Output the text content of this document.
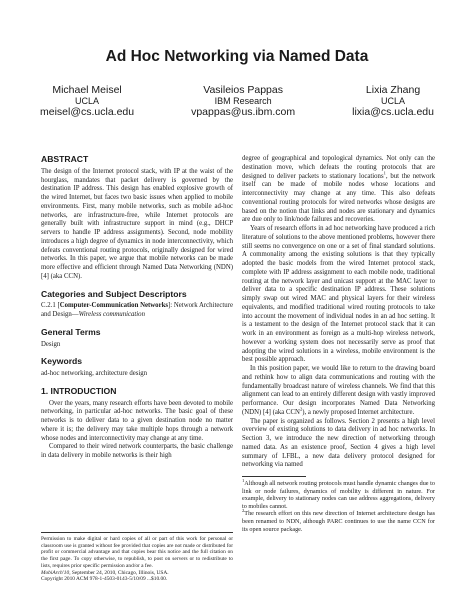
Ad Hoc Networking via Named Data
Michael Meisel
UCLA
meisel@cs.ucla.edu
Vasileios Pappas
IBM Research
vpappas@us.ibm.com
Lixia Zhang
UCLA
lixia@cs.ucla.edu
ABSTRACT

The design of the Internet protocol stack, with IP at the waist of the hourglass, mandates that packet delivery is governed by the destination IP address. This design has enabled explosive growth of the wired Internet, but faces two basic issues when applied to mobile environments. First, many mobile networks, such as mobile ad-hoc networks, are infrastructure-free, while Internet protocols are generally built with infrastructure support in mind (e.g., DHCP servers to handle IP address assignments). Second, node mobility introduces a high degree of dynamics in node interconnectivity, which defeats conventional routing protocols, originally designed for wired networks. In this paper, we argue that mobile networks can be made more effective and efficient through Named Data Networking (NDN) [4] (aka CCN).

Categories and Subject Descriptors

C.2.1 [Computer-Communication Networks]: Network Architecture and Design—Wireless communication

General Terms

Design

Keywords

ad-hoc networking, architecture design

1. INTRODUCTION

Over the years, many research efforts have been devoted to mobile networking, in particular ad-hoc networks. The basic goal of these networks is to deliver data to a given destination node no matter where it is; the delivery may take multiple hops through a network whose nodes and interconnectivity may change at any time.

Compared to their wired network counterparts, the basic challenge in data delivery in mobile networks is their high

Permission to make digital or hard copies of all or part of this work for personal or classroom use is granted without fee provided that copies are not made or distributed for profit or commercial advantage and that copies bear this notice and the full citation on the first page. To copy otherwise, to republish, to post on servers or to redistribute to lists, requires prior specific permission and/or a fee.

MobiArch'10, September 24, 2010, Chicago, Illinois, USA.

Copyright 2010 ACM 978-1-4503-0143-5/10/09 ...$10.00.

degree of geographical and topological dynamics. Not only can the destination move, which defeats the routing protocols that are designed to deliver packets to stationary locations$^1$, but the network itself can be made of mobile nodes whose locations and interconnectivity may change at any time. This also defeats conventional routing protocols for wired networks whose designs are based on the notion that links and nodes are stationary and dynamics are due only to link/node failures and recoveries.

Years of research efforts in ad hoc networking have produced a rich literature of solutions to the above mentioned problems, however there still seems no convergence on one or a set of final standard solutions. A commonality among the existing solutions is that they typically adopted the basic models from the wired Internet protocol stack, complete with IP address assignment to each mobile node, traditional routing at the network layer and unicast support at the MAC layer to deliver data to a specific destination IP address. These solutions simply swap out wired MAC and physical layers for their wireless equivalents, and modified traditional wired routing protocols to take into account the movement of individual nodes in an ad hoc setting. It is a testament to the design of the Internet protocol stack that it can work in an environment as foreign as a multi-hop wireless network, however a working system does not necessarily serve as proof that adopting the wired solutions in a wireless, mobile environment is the best possible approach.

In this position paper, we would like to return to the drawing board and rethink how to align data communications and routing with the fundamentally broadcast nature of wireless channels. We find that this alignment can lead to an entirely different design with vastly improved performance. Our design incorporates Named Data Networking (NDN) [4] (aka CCN$^2$), a newly proposed Internet architecture.

The paper is organized as follows. Section 2 presents a high level overview of existing solutions to data delivery in ad hoc networks. In Section 3, we introduce the new direction of networking through named data. As an existence proof, Section 4 gives a high level summary of LFBL, a new data delivery protocol designed for networking via named

$^1$Although all network routing protocols must handle dynamic changes due to link or node failures, dynamics of mobility is different in nature. For example, delivery to stationary nodes can use address aggregations, delivery to mobiles cannot.

$^2$The research effort on this new direction of Internet architecture design has been renamed to NDN, although PARC continues to use the name CCN for its open source package.
